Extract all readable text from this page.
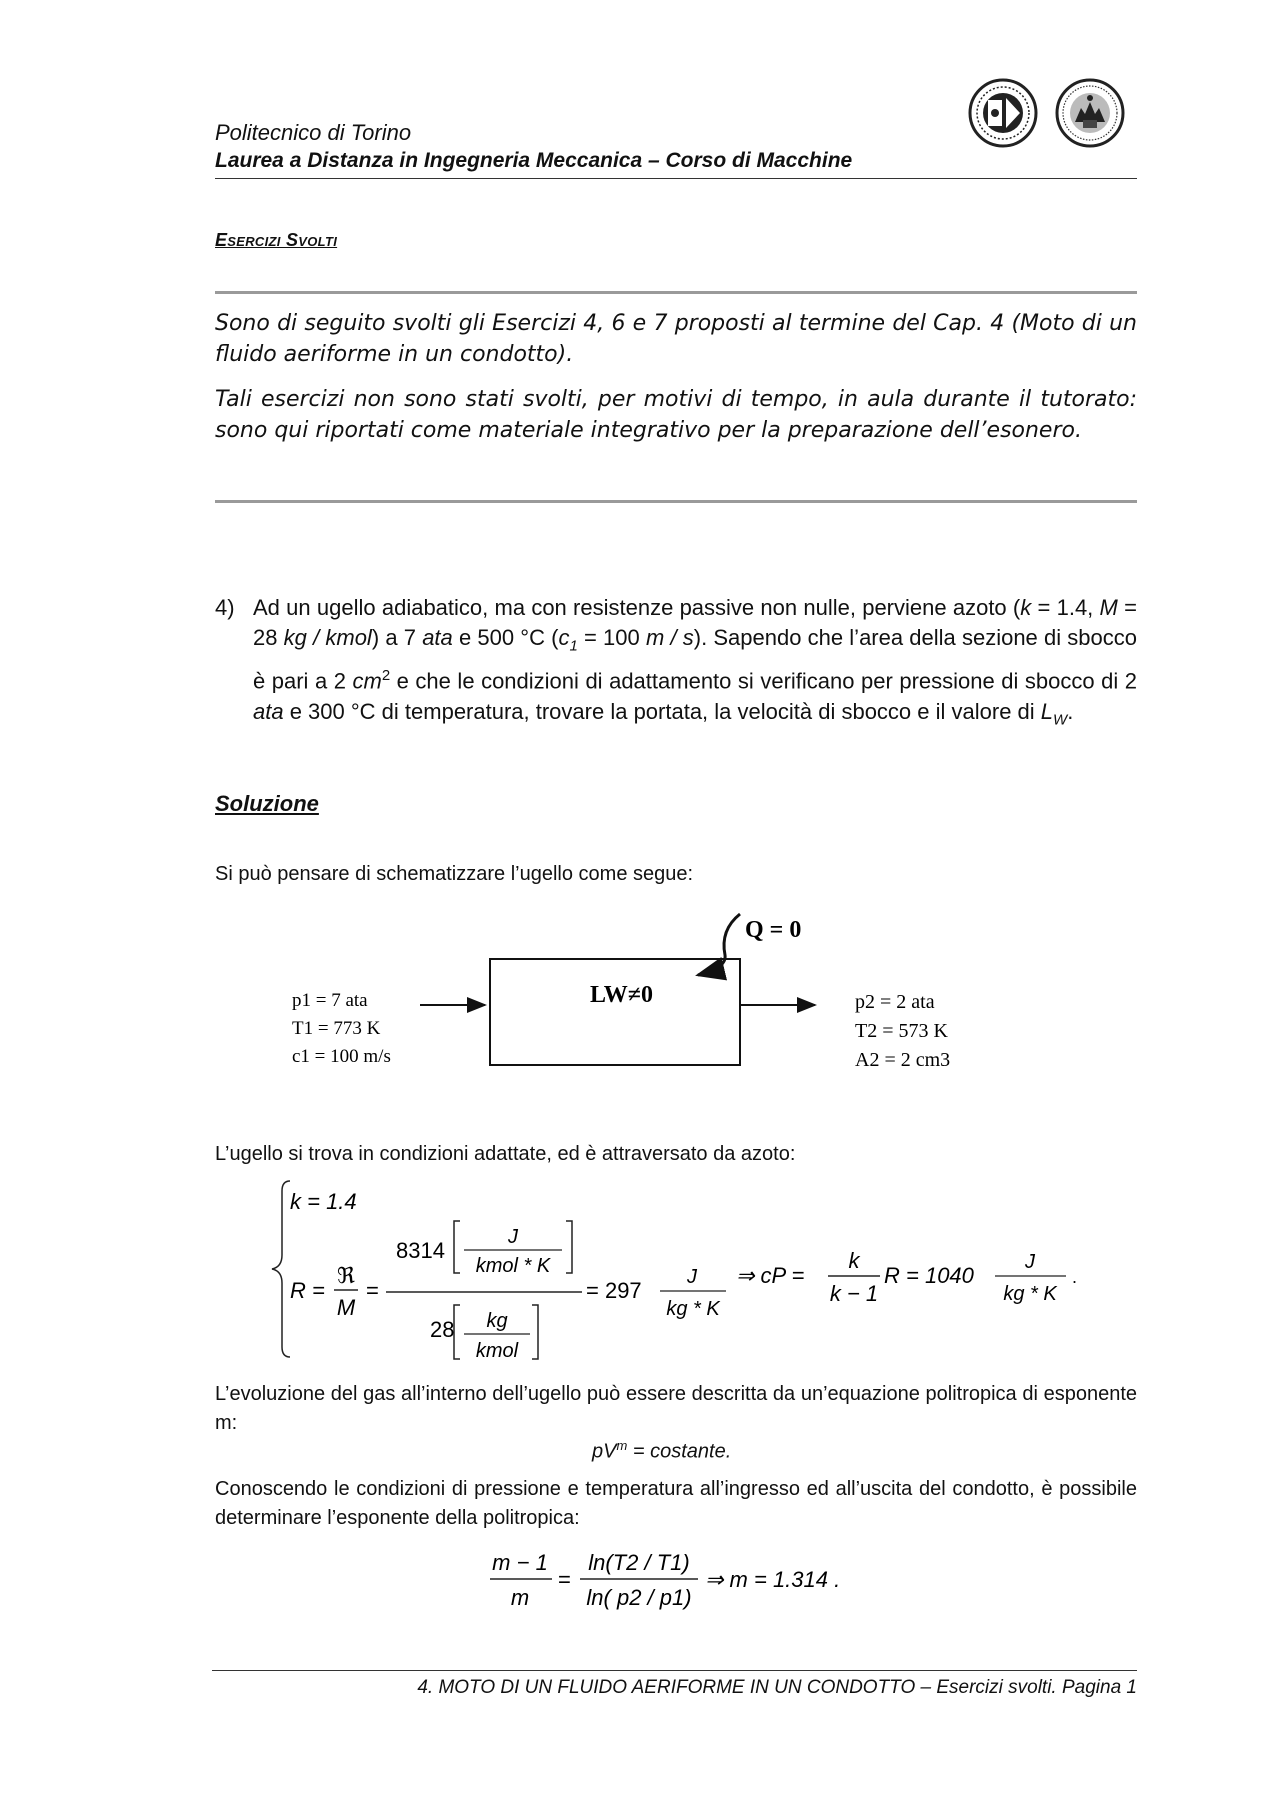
Politecnico di Torino
Laurea a Distanza in Ingegneria Meccanica – Corso di Macchine
Esercizi Svolti
Sono di seguito svolti gli Esercizi 4, 6 e 7 proposti al termine del Cap. 4 (Moto di un fluido aeriforme in un condotto).
Tali esercizi non sono stati svolti, per motivi di tempo, in aula durante il tutorato: sono qui riportati come materiale integrativo per la preparazione dell’esonero.
4) Ad un ugello adiabatico, ma con resistenze passive non nulle, perviene azoto (k = 1.4, M = 28 kg / kmol) a 7 ata e 500 °C ($c_1 = 100$ m / s). Sapendo che l’area della sezione di sbocco è pari a 2 $cm^2$ e che le condizioni di adattamento si verificano per pressione di sbocco di 2 ata e 300 °C di temperatura, trovare la portata, la velocità di sbocco e il valore di $L_W$.
Soluzione
Si può pensare di schematizzare l’ugello come segue:
Q = 0
LW≠0
p1 = 7 ata
T1 = 773 K
c1 = 100 m/s
p2 = 2 ata
T2 = 573 K
A2 = 2 cm3
L’ugello si trova in condizioni adattate, ed è attraversato da azoto:
k = 1.4
R =
ℜ
M
=
8314
J
kmol * K
28 kg
kmol
= 297
J
kg * K
⇒ cP =
k
k − 1
R = 1040
J
kg * K
.
L’evoluzione del gas all’interno dell’ugello può essere descritta da un’equazione politropica di esponente m:
$pV^m$ = costante.
Conoscendo le condizioni di pressione e temperatura all’ingresso ed all’uscita del condotto, è possibile determinare l’esponente della politropica:
m − 1
m
=
ln(T2 / T1)
ln( p2 / p1)
⇒ m = 1.314 .
4. MOTO DI UN FLUIDO AERIFORME IN UN CONDOTTO – Esercizi svolti. Pagina 1
